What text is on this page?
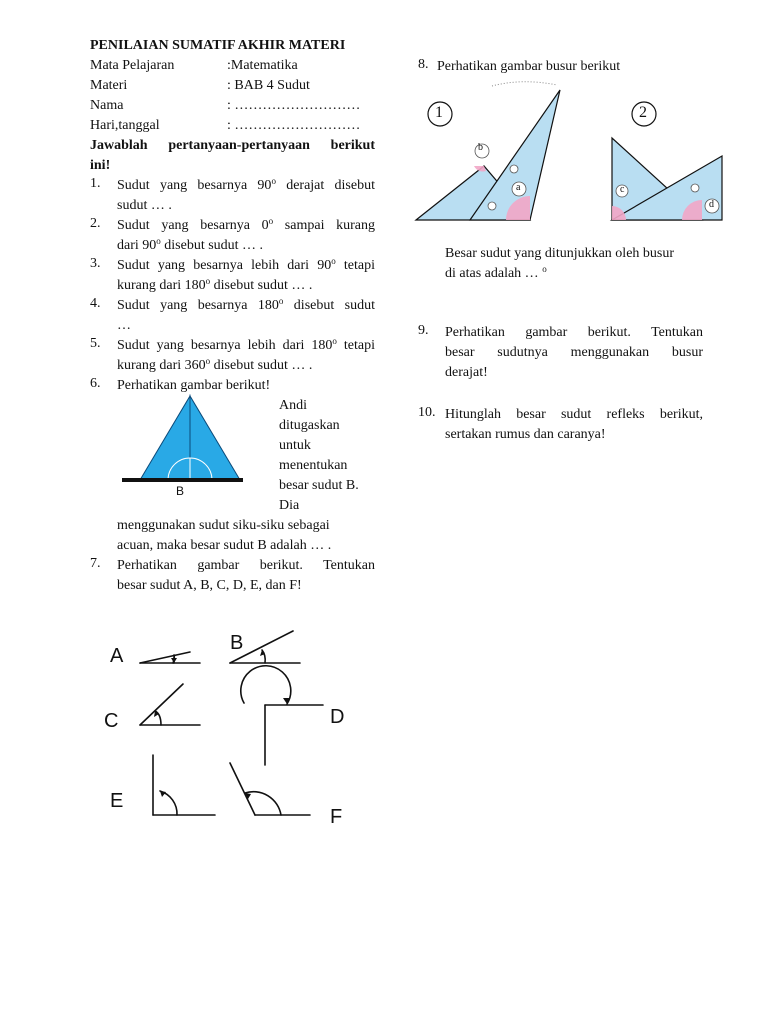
PENILAIAN SUMATIF AKHIR MATERI
Mata Pelajaran	:Matematika
Materi	: BAB 4 Sudut
Nama	: ………………………
Hari,tanggal	: ………………………
Jawablah pertanyaan-pertanyaan berikut
ini!
1.	Sudut yang besarnya 90$^o$ derajat disebut
sudut … .
2.	Sudut yang besarnya 0$^o$ sampai kurang
dari 90$^o$ disebut sudut … .
3.	Sudut yang besarnya lebih dari 90$^o$ tetapi
kurang dari 180$^o$ disebut sudut … .
4.	Sudut yang besarnya 180$^o$ disebut sudut
…
5.	Sudut yang besarnya lebih dari 180$^o$ tetapi
kurang dari 360$^o$ disebut sudut … .
6.	Perhatikan gambar berikut!
B
Andi
ditugaskan
untuk
menentukan
besar sudut B.
Dia
menggunakan sudut siku-siku sebagai
acuan, maka besar sudut B adalah … .
7.	Perhatikan gambar berikut. Tentukan
besar sudut A, B, C, D, E, dan F!
A
B
C	D
E
F
8. Perhatikan gambar busur berikut
1	2
b
a	c
d
Besar sudut yang ditunjukkan oleh busur
di atas adalah … $^o$
9.	Perhatikan gambar berikut. Tentukan
besar sudutnya menggunakan busur
derajat!
10. Hitunglah besar sudut refleks berikut,
sertakan rumus dan caranya!
